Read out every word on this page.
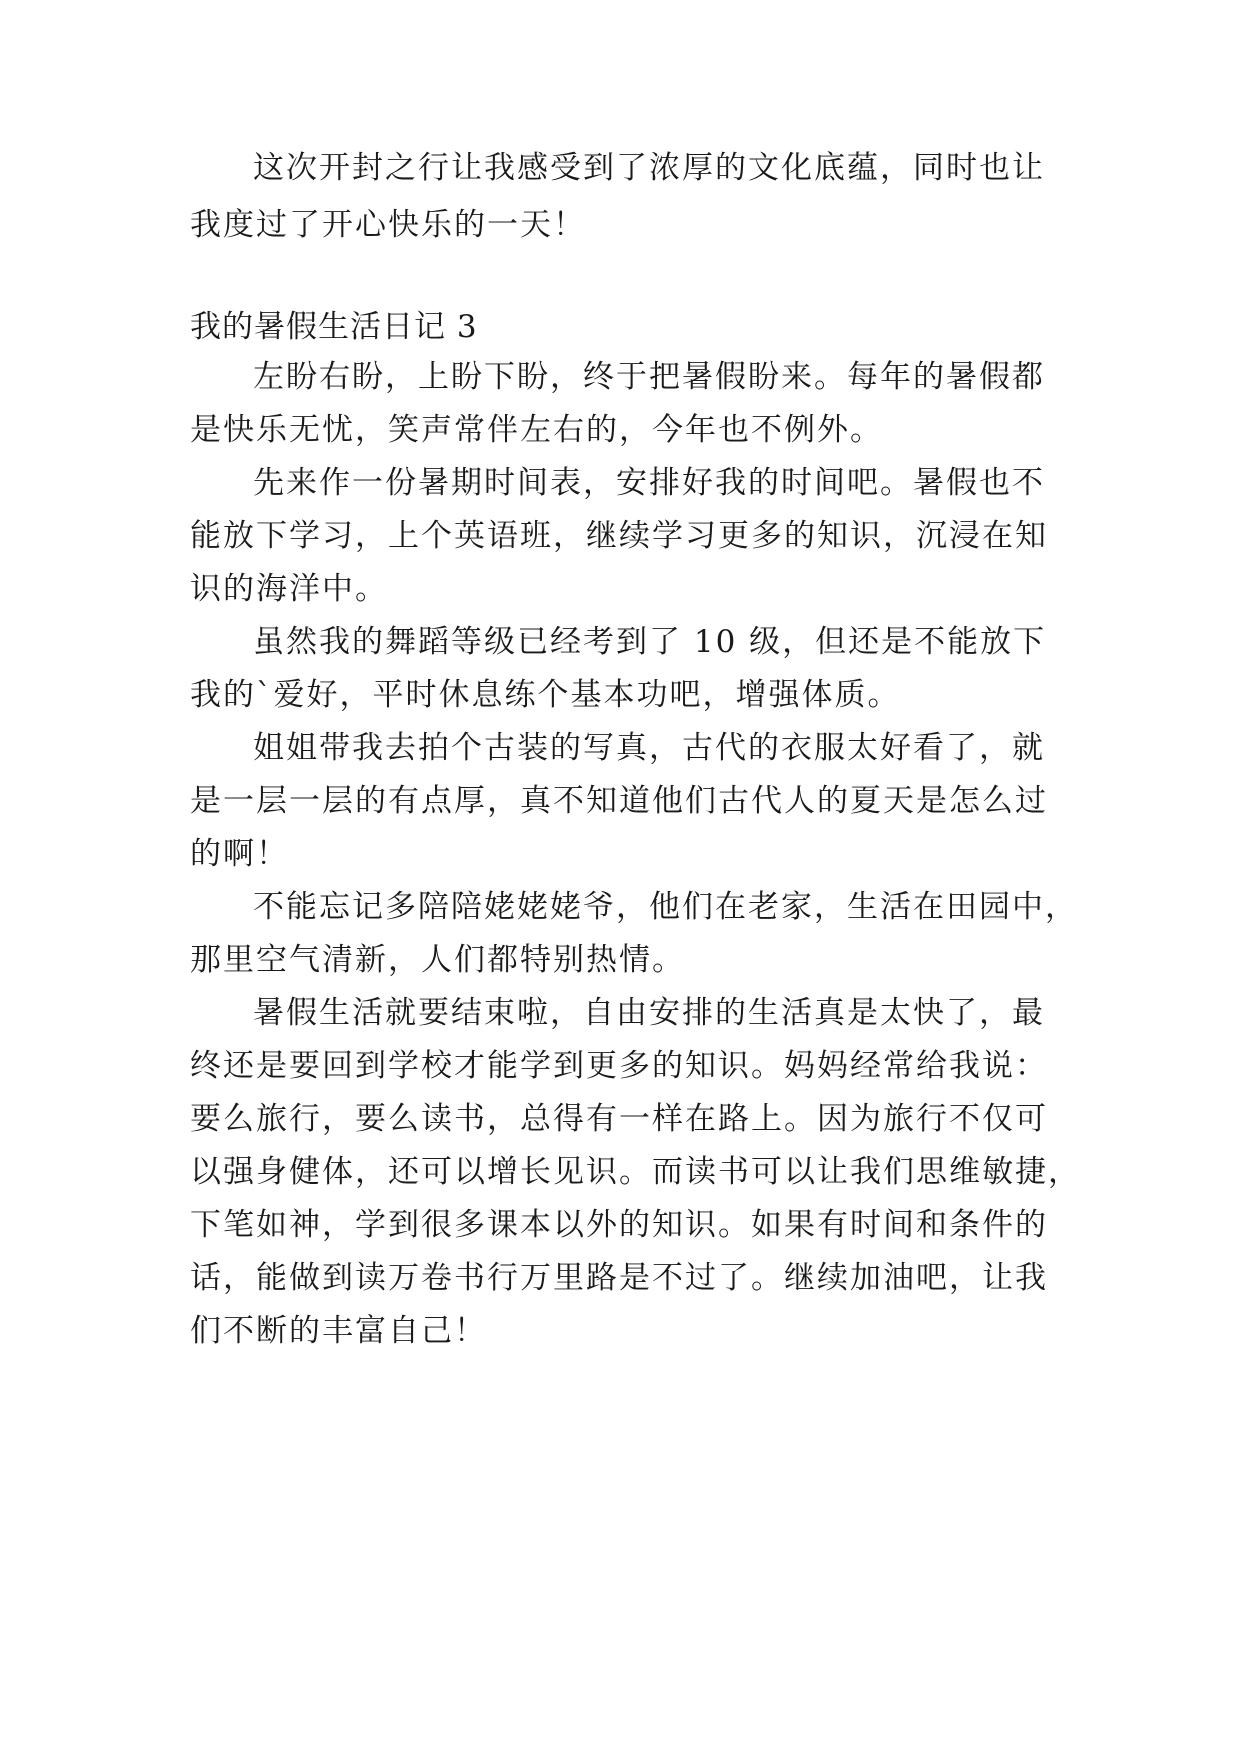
这次开封之行让我感受到了浓厚的文化底蕴，同时也让
我度过了开心快乐的一天！
我的暑假生活日记 3
左盼右盼，上盼下盼，终于把暑假盼来。每年的暑假都
是快乐无忧，笑声常伴左右的，今年也不例外。
先来作一份暑期时间表，安排好我的时间吧。暑假也不
能放下学习，上个英语班，继续学习更多的知识，沉浸在知
识的海洋中。
虽然我的舞蹈等级已经考到了 10 级，但还是不能放下
我的`爱好，平时休息练个基本功吧，增强体质。
姐姐带我去拍个古装的写真，古代的衣服太好看了，就
是一层一层的有点厚，真不知道他们古代人的夏天是怎么过
的啊！
不能忘记多陪陪姥姥姥爷，他们在老家，生活在田园中，
那里空气清新，人们都特别热情。
暑假生活就要结束啦，自由安排的生活真是太快了，最
终还是要回到学校才能学到更多的知识。妈妈经常给我说：
要么旅行，要么读书，总得有一样在路上。因为旅行不仅可
以强身健体，还可以增长见识。而读书可以让我们思维敏捷，
下笔如神，学到很多课本以外的知识。如果有时间和条件的
话，能做到读万卷书行万里路是不过了。继续加油吧，让我
们不断的丰富自己！
